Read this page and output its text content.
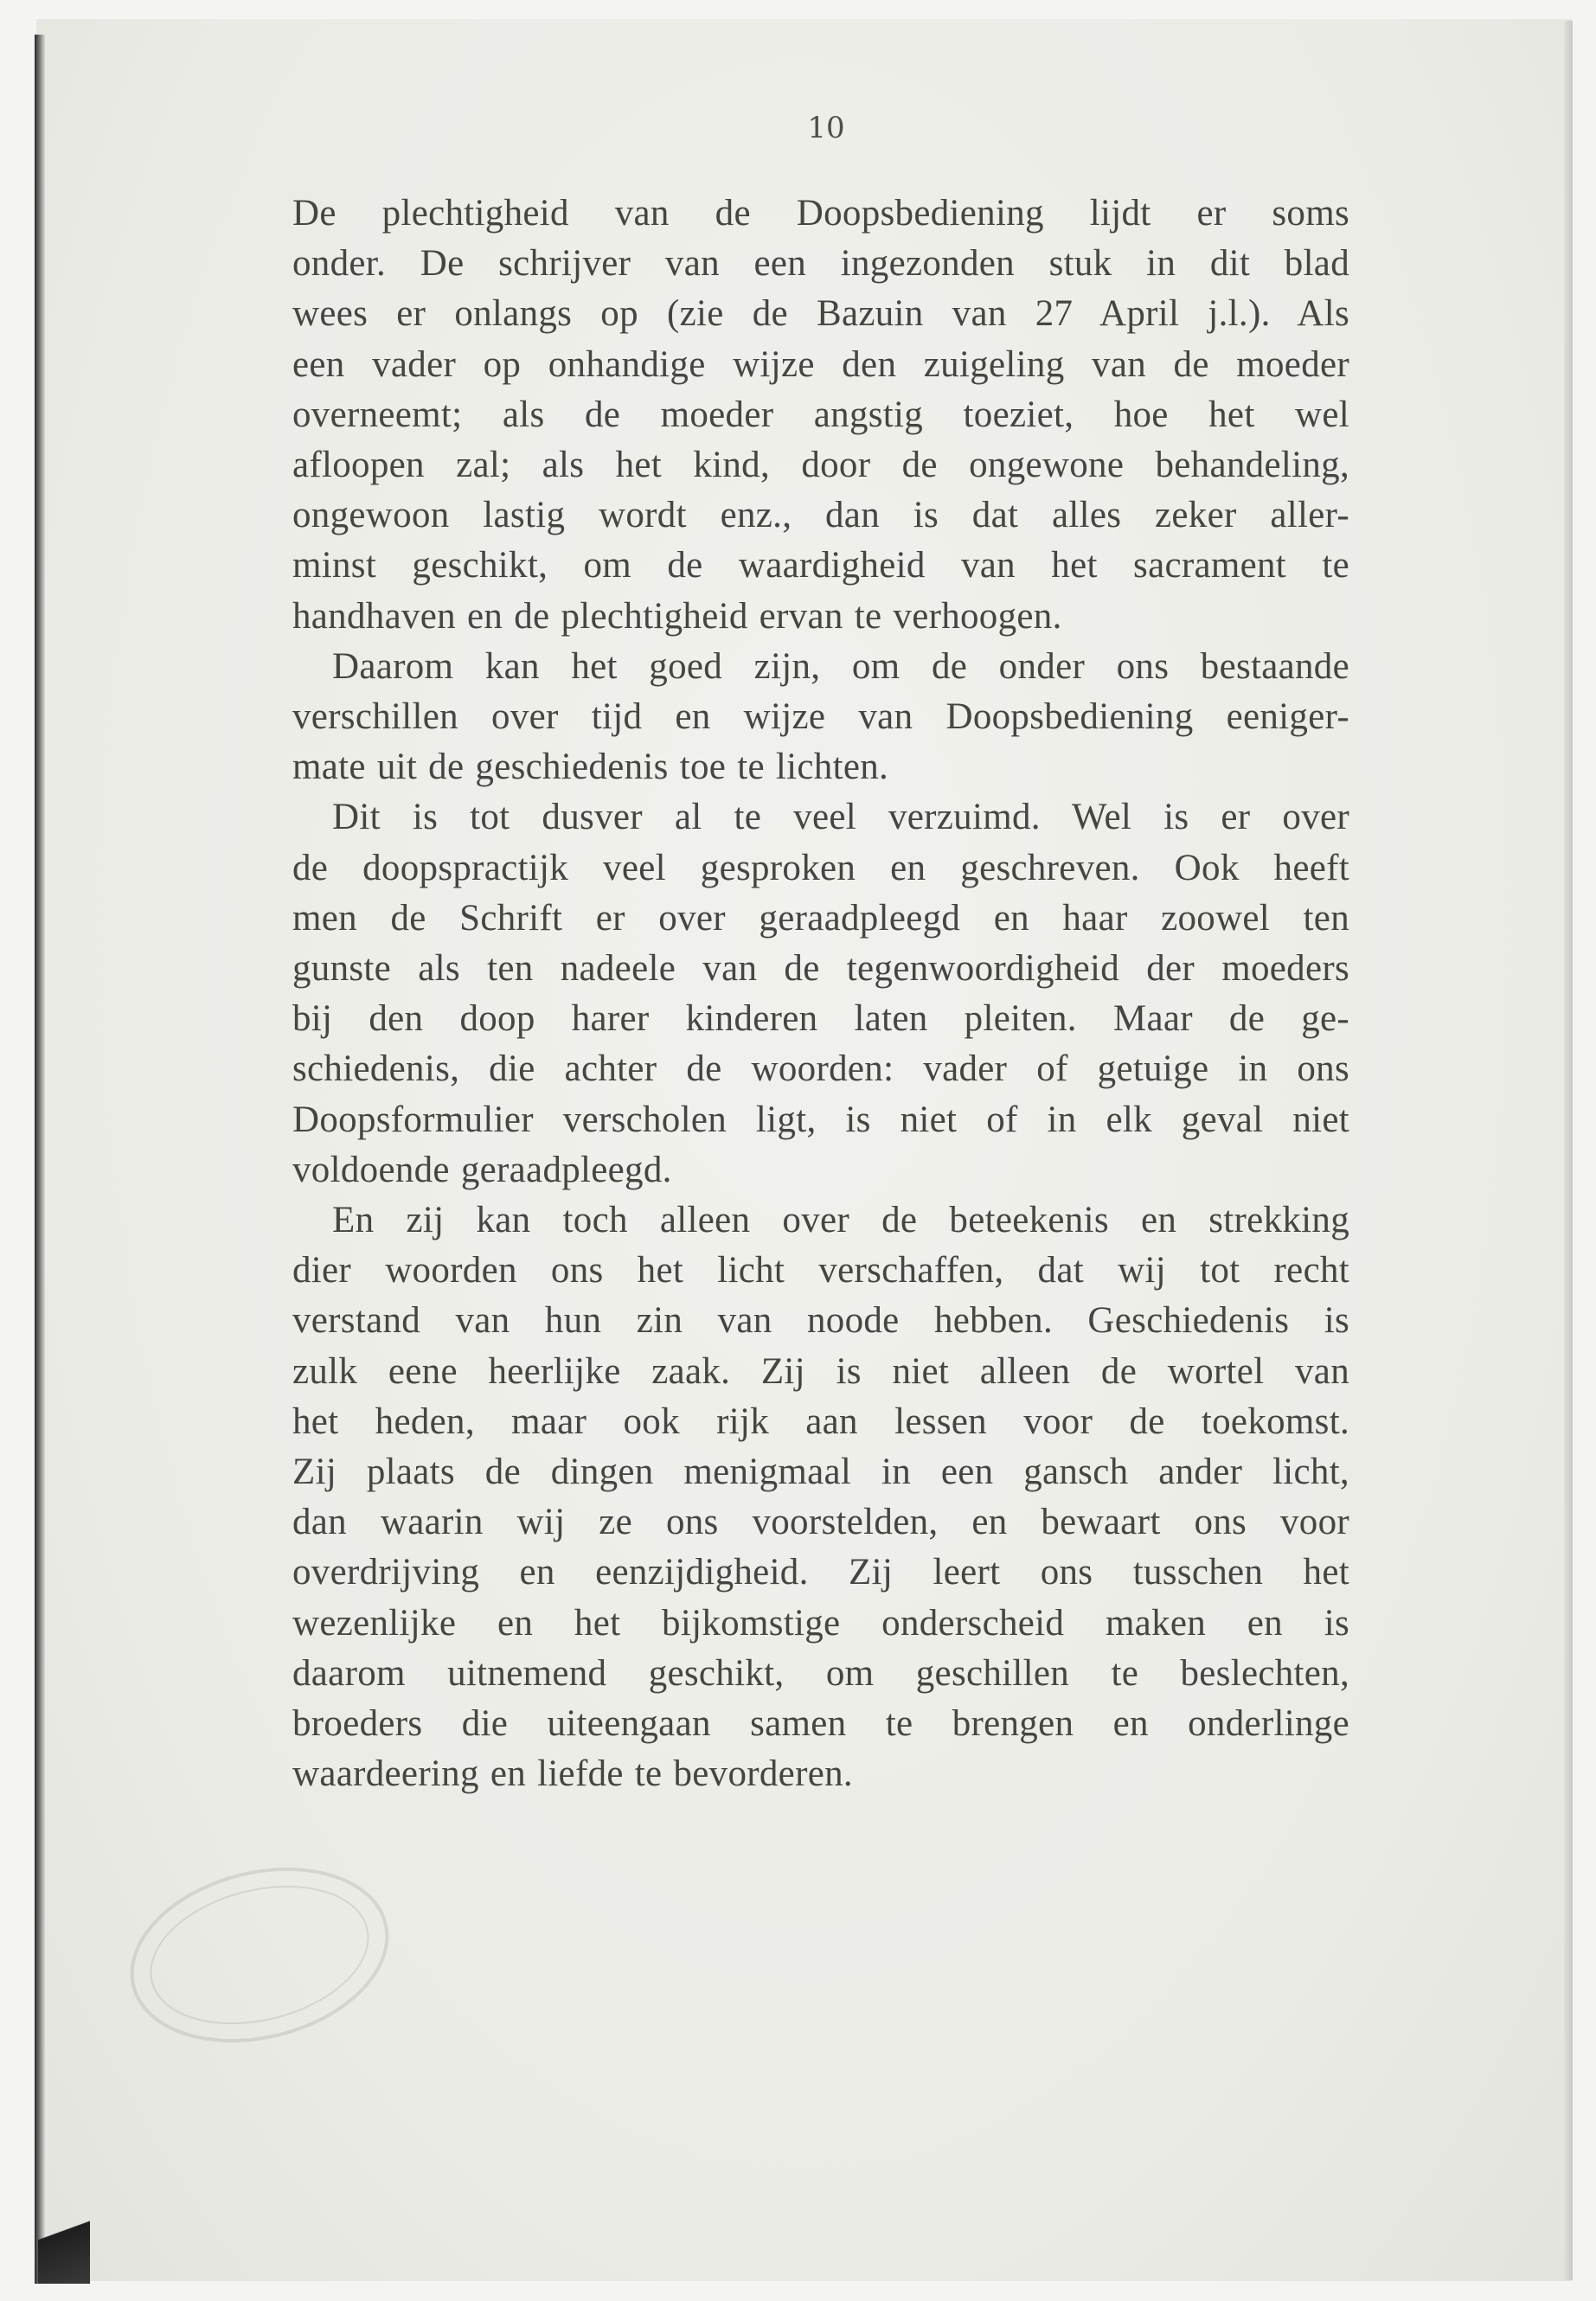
10
De plechtigheid van de Doopsbediening lijdt er soms
onder. De schrijver van een ingezonden stuk in dit blad
wees er onlangs op (zie de Bazuin van 27 April j.l.). Als
een vader op onhandige wijze den zuigeling van de moeder
overneemt; als de moeder angstig toeziet, hoe het wel
afloopen zal; als het kind, door de ongewone behandeling,
ongewoon lastig wordt enz., dan is dat alles zeker aller-
minst geschikt, om de waardigheid van het sacrament te
handhaven en de plechtigheid ervan te verhoogen.
Daarom kan het goed zijn, om de onder ons bestaande
verschillen over tijd en wijze van Doopsbediening eeniger-
mate uit de geschiedenis toe te lichten.
Dit is tot dusver al te veel verzuimd. Wel is er over
de doopspractijk veel gesproken en geschreven. Ook heeft
men de Schrift er over geraadpleegd en haar zoowel ten
gunste als ten nadeele van de tegenwoordigheid der moeders
bij den doop harer kinderen laten pleiten. Maar de ge-
schiedenis, die achter de woorden: vader of getuige in ons
Doopsformulier verscholen ligt, is niet of in elk geval niet
voldoende geraadpleegd.
En zij kan toch alleen over de beteekenis en strekking
dier woorden ons het licht verschaffen, dat wij tot recht
verstand van hun zin van noode hebben. Geschiedenis is
zulk eene heerlijke zaak. Zij is niet alleen de wortel van
het heden, maar ook rijk aan lessen voor de toekomst.
Zij plaats de dingen menigmaal in een gansch ander licht,
dan waarin wij ze ons voorstelden, en bewaart ons voor
overdrijving en eenzijdigheid. Zij leert ons tusschen het
wezenlijke en het bijkomstige onderscheid maken en is
daarom uitnemend geschikt, om geschillen te beslechten,
broeders die uiteengaan samen te brengen en onderlinge
waardeering en liefde te bevorderen.
